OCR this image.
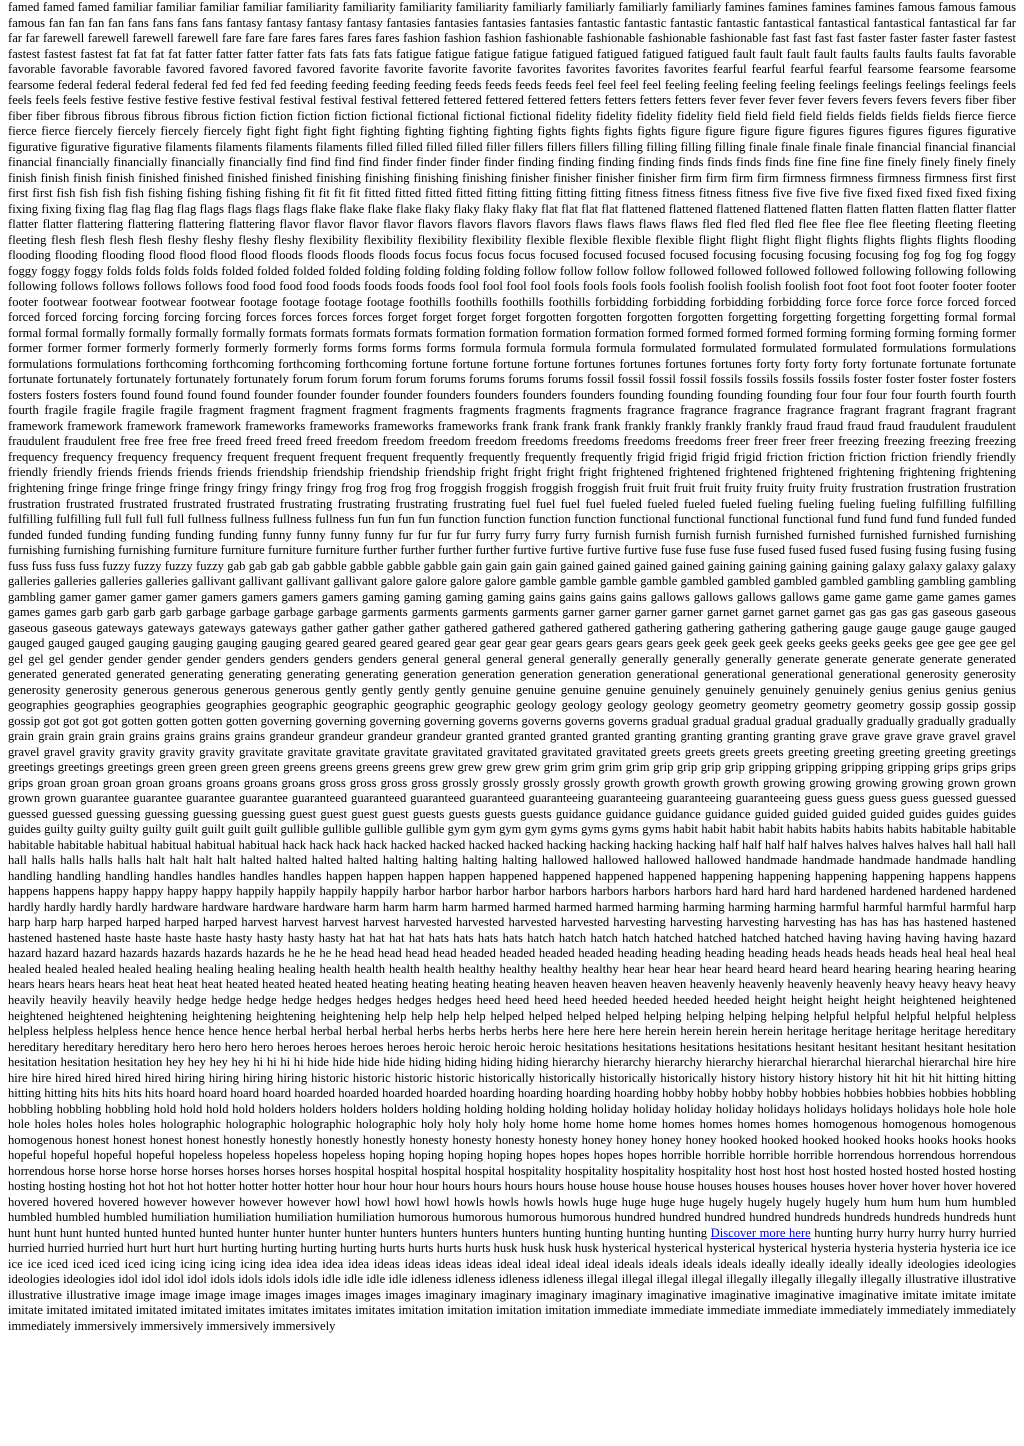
famed famed famed familiar familiar familiar familiar familiarity familiarity familiarity familiarity familiarly familiarly familiarly familiarly famines famines famines famines famous famous famous famous fan fan fan fan fans fans fans fans fantasy fantasy fantasy fantasy fantasies fantasies fantasies fantasies fantastic fantastic fantastic fantastic fantastical fantastical fantastical fantastical far far far far farewell farewell farewell farewell fare fare fare fares fares fares fares fashion fashion fashion fashionable fashionable fashionable fashionable fast fast fast fast faster faster faster faster fastest fastest fastest fastest fat fat fat fat fatter fatter fatter fatter fats fats fats fats fatigue fatigue fatigue fatigue fatigued fatigued fatigued fatigued fault fault fault fault faults faults faults faults favorable favorable favorable favorable favored favored favored favored favorite favorite favorite favorite favorites favorites favorites favorites fearful fearful fearful fearful fearsome fearsome fearsome fearsome federal federal federal federal fed fed fed fed feeding feeding feeding feeding feeds feeds feeds feeds feel feel feel feel feeling feeling feeling feeling feelings feelings feelings feelings feels feels feels feels festive festive festive festive festival festival festival festival fettered fettered fettered fettered fetters fetters fetters fetters fever fever fever fever fevers fevers fevers fevers fiber fiber fiber fiber fibrous fibrous fibrous fibrous fiction fiction fiction fiction fictional fictional fictional fictional fidelity fidelity fidelity fidelity field field field field fields fields fields fields fierce fierce fierce fierce fiercely fiercely fiercely fiercely fight fight fight fight fighting fighting fighting fighting fights fights fights fights figure figure figure figure figures figures figures figures figurative figurative figurative figurative filaments filaments filaments filaments filled filled filled filled filler fillers fillers fillers filling filling filling filling finale finale finale finale financial financial financial financial financially financially financially financially find find find find finder finder finder finder finding finding finding finding finds finds finds finds fine fine fine fine finely finely finely finely finish finish finish finish finished finished finished finished finishing finishing finishing finishing finisher finisher finisher finisher firm firm firm firm firmness firmness firmness firmness first first first first fish fish fish fish fishing fishing fishing fishing fit fit fit fit fitted fitted fitted fitted fitting fitting fitting fitting fitness fitness fitness fitness five five five five fixed fixed fixed fixed fixing fixing fixing fixing flag flag flag flag flags flags flags flags flake flake flake flake flaky flaky flaky flaky flat flat flat flat flattened flattened flattened flattened flatten flatten flatten flatten flatter flatter flatter flatter flattering flattering flattering flattering flavor flavor flavor flavor flavors flavors flavors flavors flaws flaws flaws flaws fled fled fled fled flee flee flee flee fleeting fleeting fleeting fleeting flesh flesh flesh flesh fleshy fleshy fleshy fleshy flexibility flexibility flexibility flexibility flexible flexible flexible flexible flight flight flight flight flights flights flights flights flooding flooding flooding flooding flood flood flood flood floods floods floods floods focus focus focus focus focused focused focused focused focusing focusing focusing focusing fog fog fog fog foggy foggy foggy foggy folds folds folds folds folded folded folded folded folding folding folding folding follow follow follow follow followed followed followed followed following following following following follows follows follows follows food food food food foods foods foods foods fool fool fool fool fools fools fools fools foolish foolish foolish foolish foot foot foot foot footer footer footer footer footwear footwear footwear footwear footage footage footage footage foothills foothills foothills foothills forbidding forbidding forbidding forbidding force force force force forced forced forced forced forcing forcing forcing forcing forces forces forces forces forget forget forget forget forgotten forgotten forgotten forgotten forgetting forgetting forgetting forgetting formal formal formal formal formally formally formally formally formats formats formats formats formation formation formation formation formed formed formed formed forming forming forming forming former former former former formerly formerly formerly formerly forms forms forms forms formula formula formula formula formulated formulated formulated formulated formulations formulations formulations formulations forthcoming forthcoming forthcoming forthcoming fortune fortune fortune fortune fortunes fortunes fortunes fortunes forty forty forty forty fortunate fortunate fortunate fortunate fortunately fortunately fortunately fortunately forum forum forum forum forums forums forums forums fossil fossil fossil fossil fossils fossils fossils fossils foster foster foster foster fosters fosters fosters fosters found found found found founder founder founder founder founders founders founders founders founding founding founding founding four four four four fourth fourth fourth fourth fragile fragile fragile fragile fragment fragment fragment fragment fragments fragments fragments fragments fragrance fragrance fragrance fragrance fragrant fragrant fragrant fragrant framework framework framework framework frameworks frameworks frameworks frameworks frank frank frank frank frankly frankly frankly frankly fraud fraud fraud fraud fraudulent fraudulent fraudulent fraudulent free free free free freed freed freed freed freedom freedom freedom freedom freedoms freedoms freedoms freedoms freer freer freer freer freezing freezing freezing freezing frequency frequency frequency frequency frequent frequent frequent frequent frequently frequently frequently frequently frigid frigid frigid frigid friction friction friction friction friendly friendly friendly friendly friends friends friends friends friendship friendship friendship friendship fright fright fright fright frightened frightened frightened frightened frightening frightening frightening frightening fringe fringe fringe fringe fringy fringy fringy fringy frog frog frog frog froggish froggish froggish froggish fruit fruit fruit fruit fruity fruity fruity fruity frustration frustration frustration frustration frustrated frustrated frustrated frustrated frustrating frustrating frustrating frustrating fuel fuel fuel fuel fueled fueled fueled fueled fueling fueling fueling fueling fulfilling fulfilling fulfilling fulfilling full full full full fullness fullness fullness fullness fun fun fun fun function function function function functional functional functional functional fund fund fund fund funded funded funded funded funding funding funding funding funny funny funny funny fur fur fur fur furry furry furry furry furnish furnish furnish furnish furnished furnished furnished furnished furnishing furnishing furnishing furnishing furniture furniture furniture furniture further further further further furtive furtive furtive furtive fuse fuse fuse fuse fused fused fused fused fusing fusing fusing fusing fuss fuss fuss fuss fuzzy fuzzy fuzzy fuzzy gab gab gab gab gabble gabble gabble gabble gain gain gain gain gained gained gained gained gaining gaining gaining gaining galaxy galaxy galaxy galaxy galleries galleries galleries galleries gallivant gallivant gallivant gallivant galore galore galore galore gamble gamble gamble gamble gambled gambled gambled gambled gambling gambling gambling gambling gamer gamer gamer gamer gamers gamers gamers gamers gaming gaming gaming gaming gains gains gains gains gallows gallows gallows gallows game game game game games games games games garb garb garb garb garbage garbage garbage garbage garments garments garments garments garner garner garner garner garnet garnet garnet garnet gas gas gas gas gaseous gaseous gaseous gaseous gateways gateways gateways gateways gather gather gather gather gathered gathered gathered gathered gathering gathering gathering gathering gauge gauge gauge gauge gauged gauged gauged gauged gauging gauging gauging gauging geared geared geared geared gear gear gear gear gears gears gears gears geek geek geek geek geeks geeks geeks geeks gee gee gee gee gel gel gel gel gender gender gender gender genders genders genders genders general general general general generally generally generally generally generate generate generate generate generated generated generated generated generating generating generating generating generation generation generation generation generational generational generational generational generosity generosity generosity generosity generous generous generous generous gently gently gently gently genuine genuine genuine genuine genuinely genuinely genuinely genuinely genius genius genius genius geographies geographies geographies geographies geographic geographic geographic geographic geology geology geology geology geometry geometry geometry geometry gossip gossip gossip gossip got got got got gotten gotten gotten gotten governing governing governing governing governs governs governs governs gradual gradual gradual gradual gradually gradually gradually gradually grain grain grain grain grains grains grains grains grandeur grandeur grandeur grandeur granted granted granted granted granting granting granting granting grave grave grave grave gravel gravel gravel gravel gravity gravity gravity gravity gravitate gravitate gravitate gravitate gravitated gravitated gravitated gravitated greets greets greets greets greeting greeting greeting greeting greetings greetings greetings greetings green green green green greens greens greens greens grew grew grew grew grim grim grim grim grip grip grip grip gripping gripping gripping gripping grips grips grips grips groan groan groan groan groans groans groans groans gross gross gross gross grossly grossly grossly grossly growth growth growth growth growing growing growing growing grown grown grown grown guarantee guarantee guarantee guarantee guaranteed guaranteed guaranteed guaranteed guaranteeing guaranteeing guaranteeing guaranteeing guess guess guess guess guessed guessed guessed guessed guessing guessing guessing guessing guest guest guest guest guests guests guests guests guidance guidance guidance guidance guided guided guided guided guides guides guides guides guilty guilty guilty guilty guilt guilt guilt guilt gullible gullible gullible gullible gym gym gym gym gyms gyms gyms gyms habit habit habit habit habits habits habits habits habitable habitable habitable habitable habitual habitual habitual habitual hack hack hack hack hacked hacked hacked hacked hacking hacking hacking hacking half half half half halves halves halves halves hall hall hall hall halls halls halls halls halt halt halt halt halted halted halted halted halting halting halting halting hallowed hallowed hallowed hallowed handmade handmade handmade handmade handling handling handling handling handles handles handles handles happen happen happen happen happened happened happened happened happening happening happening happening happens happens happens happens happy happy happy happy happily happily happily happily harbor harbor harbor harbor harbors harbors harbors harbors hard hard hard hard hardened hardened hardened hardened hardly hardly hardly hardly hardware hardware hardware hardware harm harm harm harm harmed harmed harmed harmed harming harming harming harming harmful harmful harmful harmful harp harp harp harp harped harped harped harped harvest harvest harvest harvest harvested harvested harvested harvested harvesting harvesting harvesting harvesting has has has has hastened hastened hastened hastened haste haste haste haste hasty hasty hasty hasty hat hat hat hat hats hats hats hats hatch hatch hatch hatch hatched hatched hatched hatched having having having having hazard hazard hazard hazard hazards hazards hazards hazards he he he he head head head head headed headed headed headed heading heading heading heading heads heads heads heads heal heal heal heal healed healed healed healed healing healing healing healing health health health health healthy healthy healthy healthy hear hear hear hear heard heard heard heard hearing hearing hearing hearing hears hears hears hears heat heat heat heat heated heated heated heated heating heating heating heating heaven heaven heaven heaven heavenly heavenly heavenly heavenly heavy heavy heavy heavy heavily heavily heavily heavily hedge hedge hedge hedge hedges hedges hedges hedges heed heed heed heed heeded heeded heeded heeded height height height height heightened heightened heightened heightened heightening heightening heightening heightening help help help help helped helped helped helped helping helping helping helping helpful helpful helpful helpful helpless helpless helpless helpless hence hence hence hence herbal herbal herbal herbal herbs herbs herbs herbs here here here here herein herein herein herein heritage heritage heritage heritage hereditary hereditary hereditary hereditary hero hero hero hero heroes heroes heroes heroes heroic heroic heroic heroic hesitations hesitations hesitations hesitations hesitant hesitant hesitant hesitant hesitation hesitation hesitation hesitation hey hey hey hey hi hi hi hi hide hide hide hide hiding hiding hiding hiding hierarchy hierarchy hierarchy hierarchy hierarchal hierarchal hierarchal hierarchal hire hire hire hire hired hired hired hired hiring hiring hiring hiring historic historic historic historic historically historically historically historically history history history history hit hit hit hit hitting hitting hitting hitting hits hits hits hits hoard hoard hoard hoard hoarded hoarded hoarded hoarded hoarding hoarding hoarding hoarding hobby hobby hobby hobby hobbies hobbies hobbies hobbies hobbling hobbling hobbling hobbling hold hold hold hold holders holders holders holders holding holding holding holding holiday holiday holiday holiday holidays holidays holidays holidays hole hole hole hole holes holes holes holes holographic holographic holographic holographic holy holy holy holy home home home home homes homes homes homes homogenous homogenous homogenous homogenous honest honest honest honest honestly honestly honestly honestly honesty honesty honesty honesty honey honey honey honey hooked hooked hooked hooked hooks hooks hooks hooks hopeful hopeful hopeful hopeful hopeless hopeless hopeless hopeless hoping hoping hoping hoping hopes hopes hopes hopes horrible horrible horrible horrible horrendous horrendous horrendous horrendous horse horse horse horse horses horses horses horses hospital hospital hospital hospital hospitality hospitality hospitality hospitality host host host host hosted hosted hosted hosted hosting hosting hosting hosting hot hot hot hot hotter hotter hotter hotter hour hour hour hour hours hours hours hours house house house house houses houses houses houses hover hover hover hover hovered hovered hovered hovered however however however however howl howl howl howl howls howls howls howls huge huge huge huge hugely hugely hugely hugely hum hum hum hum humbled humbled humbled humbled humiliation humiliation humiliation humiliation humorous humorous humorous humorous hundred hundred hundred hundred hundreds hundreds hundreds hundreds hunt hunt hunt hunt hunted hunted hunted hunted hunter hunter hunter hunter hunters hunters hunters hunters hunting hunting hunting hunting Discover more here hunting hurry hurry hurry hurry hurried hurried hurried hurried hurt hurt hurt hurt hurting hurting hurting hurting hurts hurts hurts hurts husk husk husk husk hysterical hysterical hysterical hysterical hysteria hysteria hysteria hysteria ice ice ice ice iced iced iced iced icing icing icing icing idea idea idea idea ideas ideas ideas ideas ideal ideal ideal ideal ideals ideals ideals ideals ideally ideally ideally ideally ideologies ideologies ideologies ideologies idol idol idol idol idols idols idols idols idle idle idle idle idleness idleness idleness idleness illegal illegal illegal illegal illegally illegally illegally illegally illustrative illustrative illustrative illustrative image image image image images images images images imaginary imaginary imaginary imaginary imaginative imaginative imaginative imaginative imitate imitate imitate imitate imitated imitated imitated imitated imitates imitates imitates imitates imitation imitation imitation imitation immediate immediate immediate immediate immediately immediately immediately immediately immersively immersively immersively immersively
